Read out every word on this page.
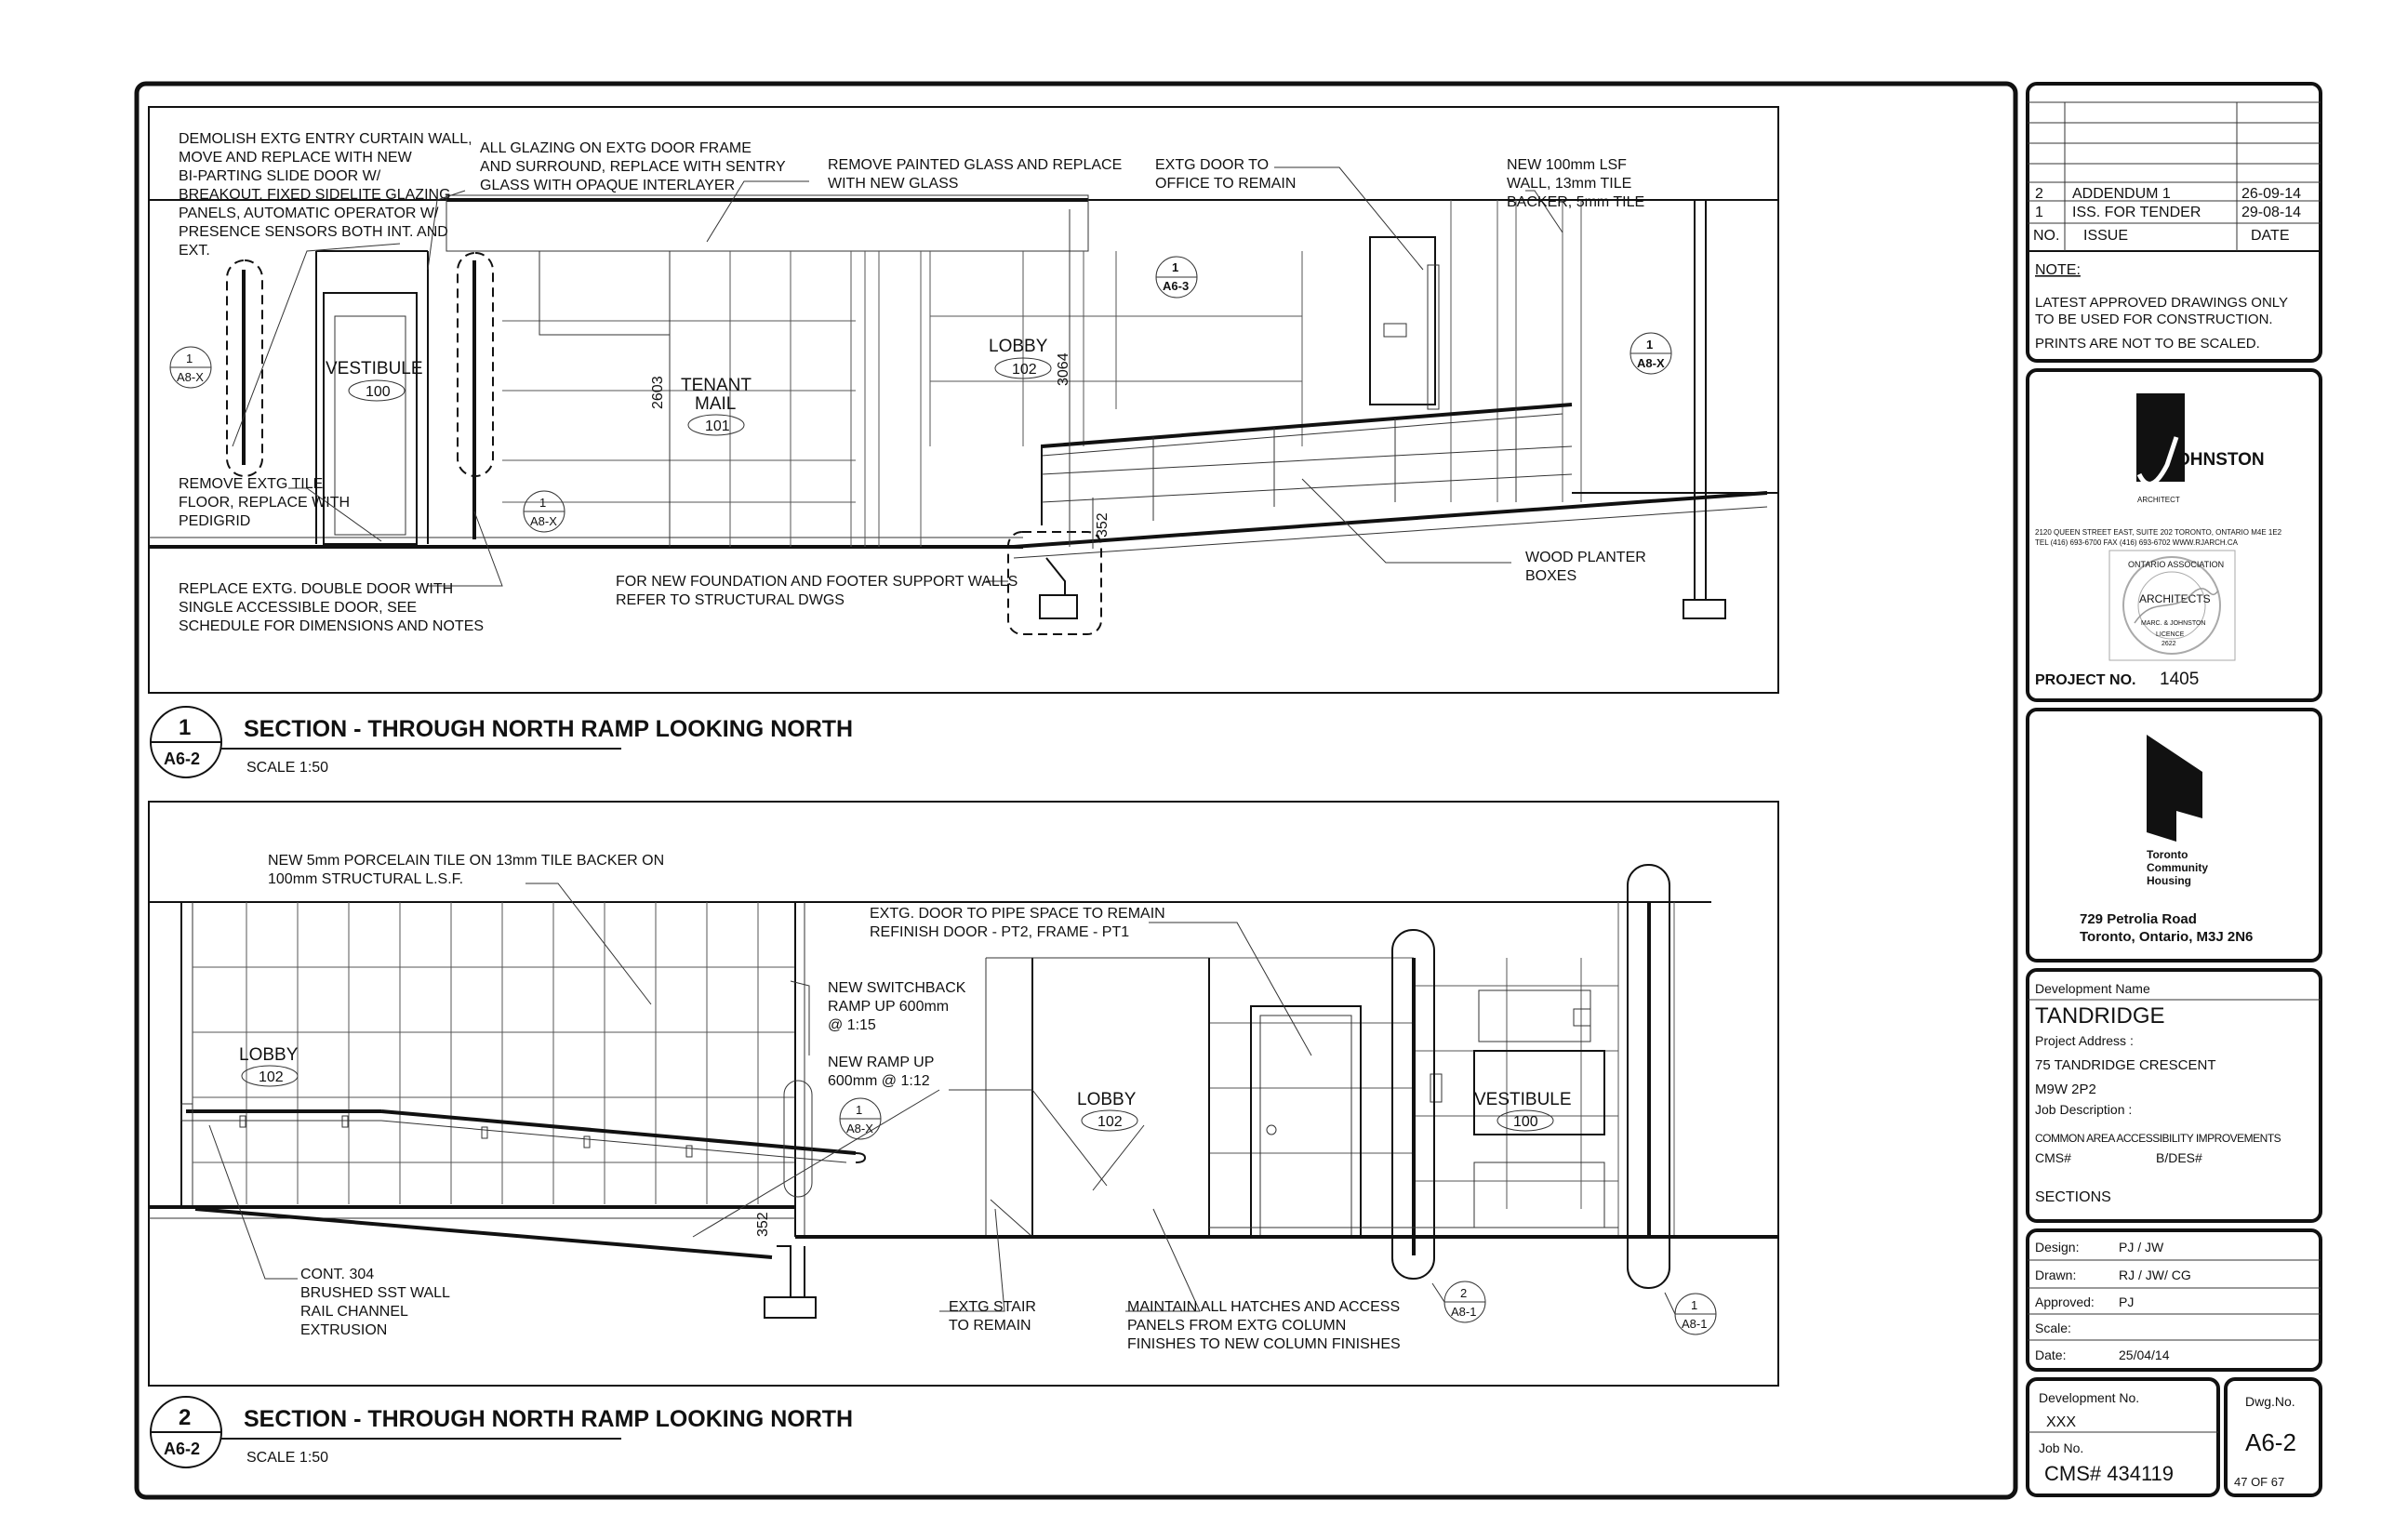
DEMOLISH EXTG ENTRY CURTAIN WALL,
MOVE AND REPLACE WITH NEW
BI-PARTING SLIDE DOOR W/
BREAKOUT, FIXED SIDELITE GLAZING
PANELS, AUTOMATIC OPERATOR W/
PRESENCE SENSORS BOTH INT. AND
EXT.
ALL GLAZING ON EXTG DOOR FRAME
AND SURROUND, REPLACE WITH SENTRY
GLASS WITH OPAQUE INTERLAYER
REMOVE PAINTED GLASS AND REPLACE
WITH NEW GLASS
EXTG DOOR TO
OFFICE TO REMAIN
NEW 100mm LSF
WALL, 13mm TILE
BACKER, 5mm TILE
REMOVE EXTG TILE
FLOOR, REPLACE WITH
PEDIGRID
REPLACE EXTG. DOUBLE DOOR WITH
SINGLE ACCESSIBLE DOOR, SEE
SCHEDULE FOR DIMENSIONS AND NOTES
FOR NEW FOUNDATION AND FOOTER SUPPORT WALLS
REFER TO STRUCTURAL DWGS
WOOD PLANTER
BOXES
VESTIBULE
100	TENANT
MAIL
101
LOBBY
102
2603
3064
352
1
A8-X
1
A8-X
1
A6-3
1
A8-X
1
A6-2
SECTION - THROUGH NORTH RAMP LOOKING NORTH
SCALE 1:50
NEW 5mm PORCELAIN TILE ON 13mm TILE BACKER ON
100mm STRUCTURAL L.S.F.
EXTG. DOOR TO PIPE SPACE TO REMAIN
REFINISH DOOR - PT2, FRAME - PT1
NEW SWITCHBACK
RAMP UP 600mm
@ 1:15
NEW RAMP UP
600mm @ 1:12
CONT. 304
BRUSHED SST WALL
RAIL CHANNEL
EXTRUSION
EXTG STAIR
TO REMAIN
MAINTAIN ALL HATCHES AND ACCESS
PANELS FROM EXTG COLUMN
FINISHES TO NEW COLUMN FINISHES
LOBBY
102
LOBBY
102
VESTIBULE
100
352
1
A8-X
2
A8-1	1
A8-1
2
A6-2
SECTION - THROUGH NORTH RAMP LOOKING NORTH
SCALE 1:50
2 ADDENDUM 1	26-09-14
1 ISS. FOR TENDER	29-08-14
NO. ISSUE	DATE
NOTE:
LATEST APPROVED DRAWINGS ONLY
TO BE USED FOR CONSTRUCTION.
PRINTS ARE NOT TO BE SCALED.
OHNSTON
ARCHITECT
2120 QUEEN STREET EAST, SUITE 202 TORONTO, ONTARIO M4E 1E2
TEL (416) 693-6700 FAX (416) 693-6702 WWW.RJARCH.CA
ONTARIO ASSOCIATION
ARCHITECTS
MARC. & JOHNSTON
LICENCE
2622
PROJECT NO. 1405
Toronto
Community
Housing
729 Petrolia Road
Toronto, Ontario, M3J 2N6
Development Name
TANDRIDGE
Project Address :
75 TANDRIDGE CRESCENT
M9W 2P2
Job Description :
COMMON AREA ACCESSIBILITY IMPROVEMENTS
CMS#	B/DES#
SECTIONS
Design:	PJ / JW
Drawn:	RJ / JW/ CG
Approved: PJ
Scale:
Date:	25/04/14
Development No.
XXX
Job No.
CMS# 434119
Dwg.No.
A6-2
47 OF 67
